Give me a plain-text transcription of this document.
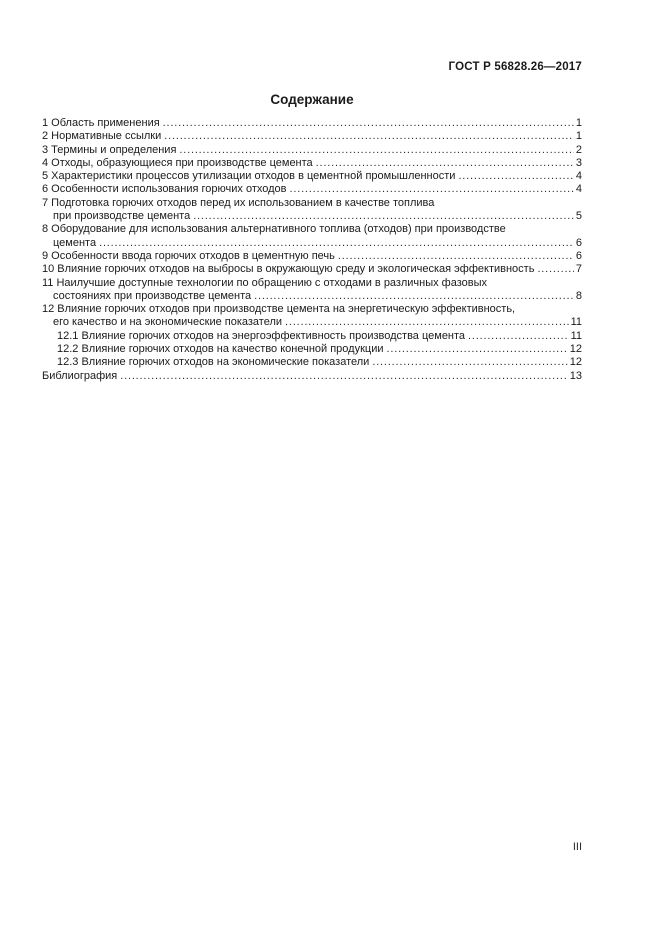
ГОСТ Р 56828.26—2017
Содержание
1 Область применения .....	1
2 Нормативные ссылки .....	1
3 Термины и определения .....	2
4 Отходы, образующиеся при производстве цемента .....	3
5 Характеристики процессов утилизации отходов в цементной промышленности .....	4
6 Особенности использования горючих отходов .....	4
7 Подготовка горючих отходов перед их использованием в качестве топлива
при производстве цемента .....	5
8 Оборудование для использования альтернативного топлива (отходов) при производстве
цемента .....	6
9 Особенности ввода горючих отходов в цементную печь .....	6
10 Влияние горючих отходов на выбросы в окружающую среду и экологическая эффективность .....	7
11 Наилучшие доступные технологии по обращению с отходами в различных фазовых
состояниях при производстве цемента .....	8
12 Влияние горючих отходов при производстве цемента на энергетическую эффективность,
его качество и на экономические показатели .....	11
12.1 Влияние горючих отходов на энергоэффективность производства цемента .....	11
12.2 Влияние горючих отходов на качество конечной продукции .....	12
12.3 Влияние горючих отходов на экономические показатели .....	12
Библиография .....	13
III
